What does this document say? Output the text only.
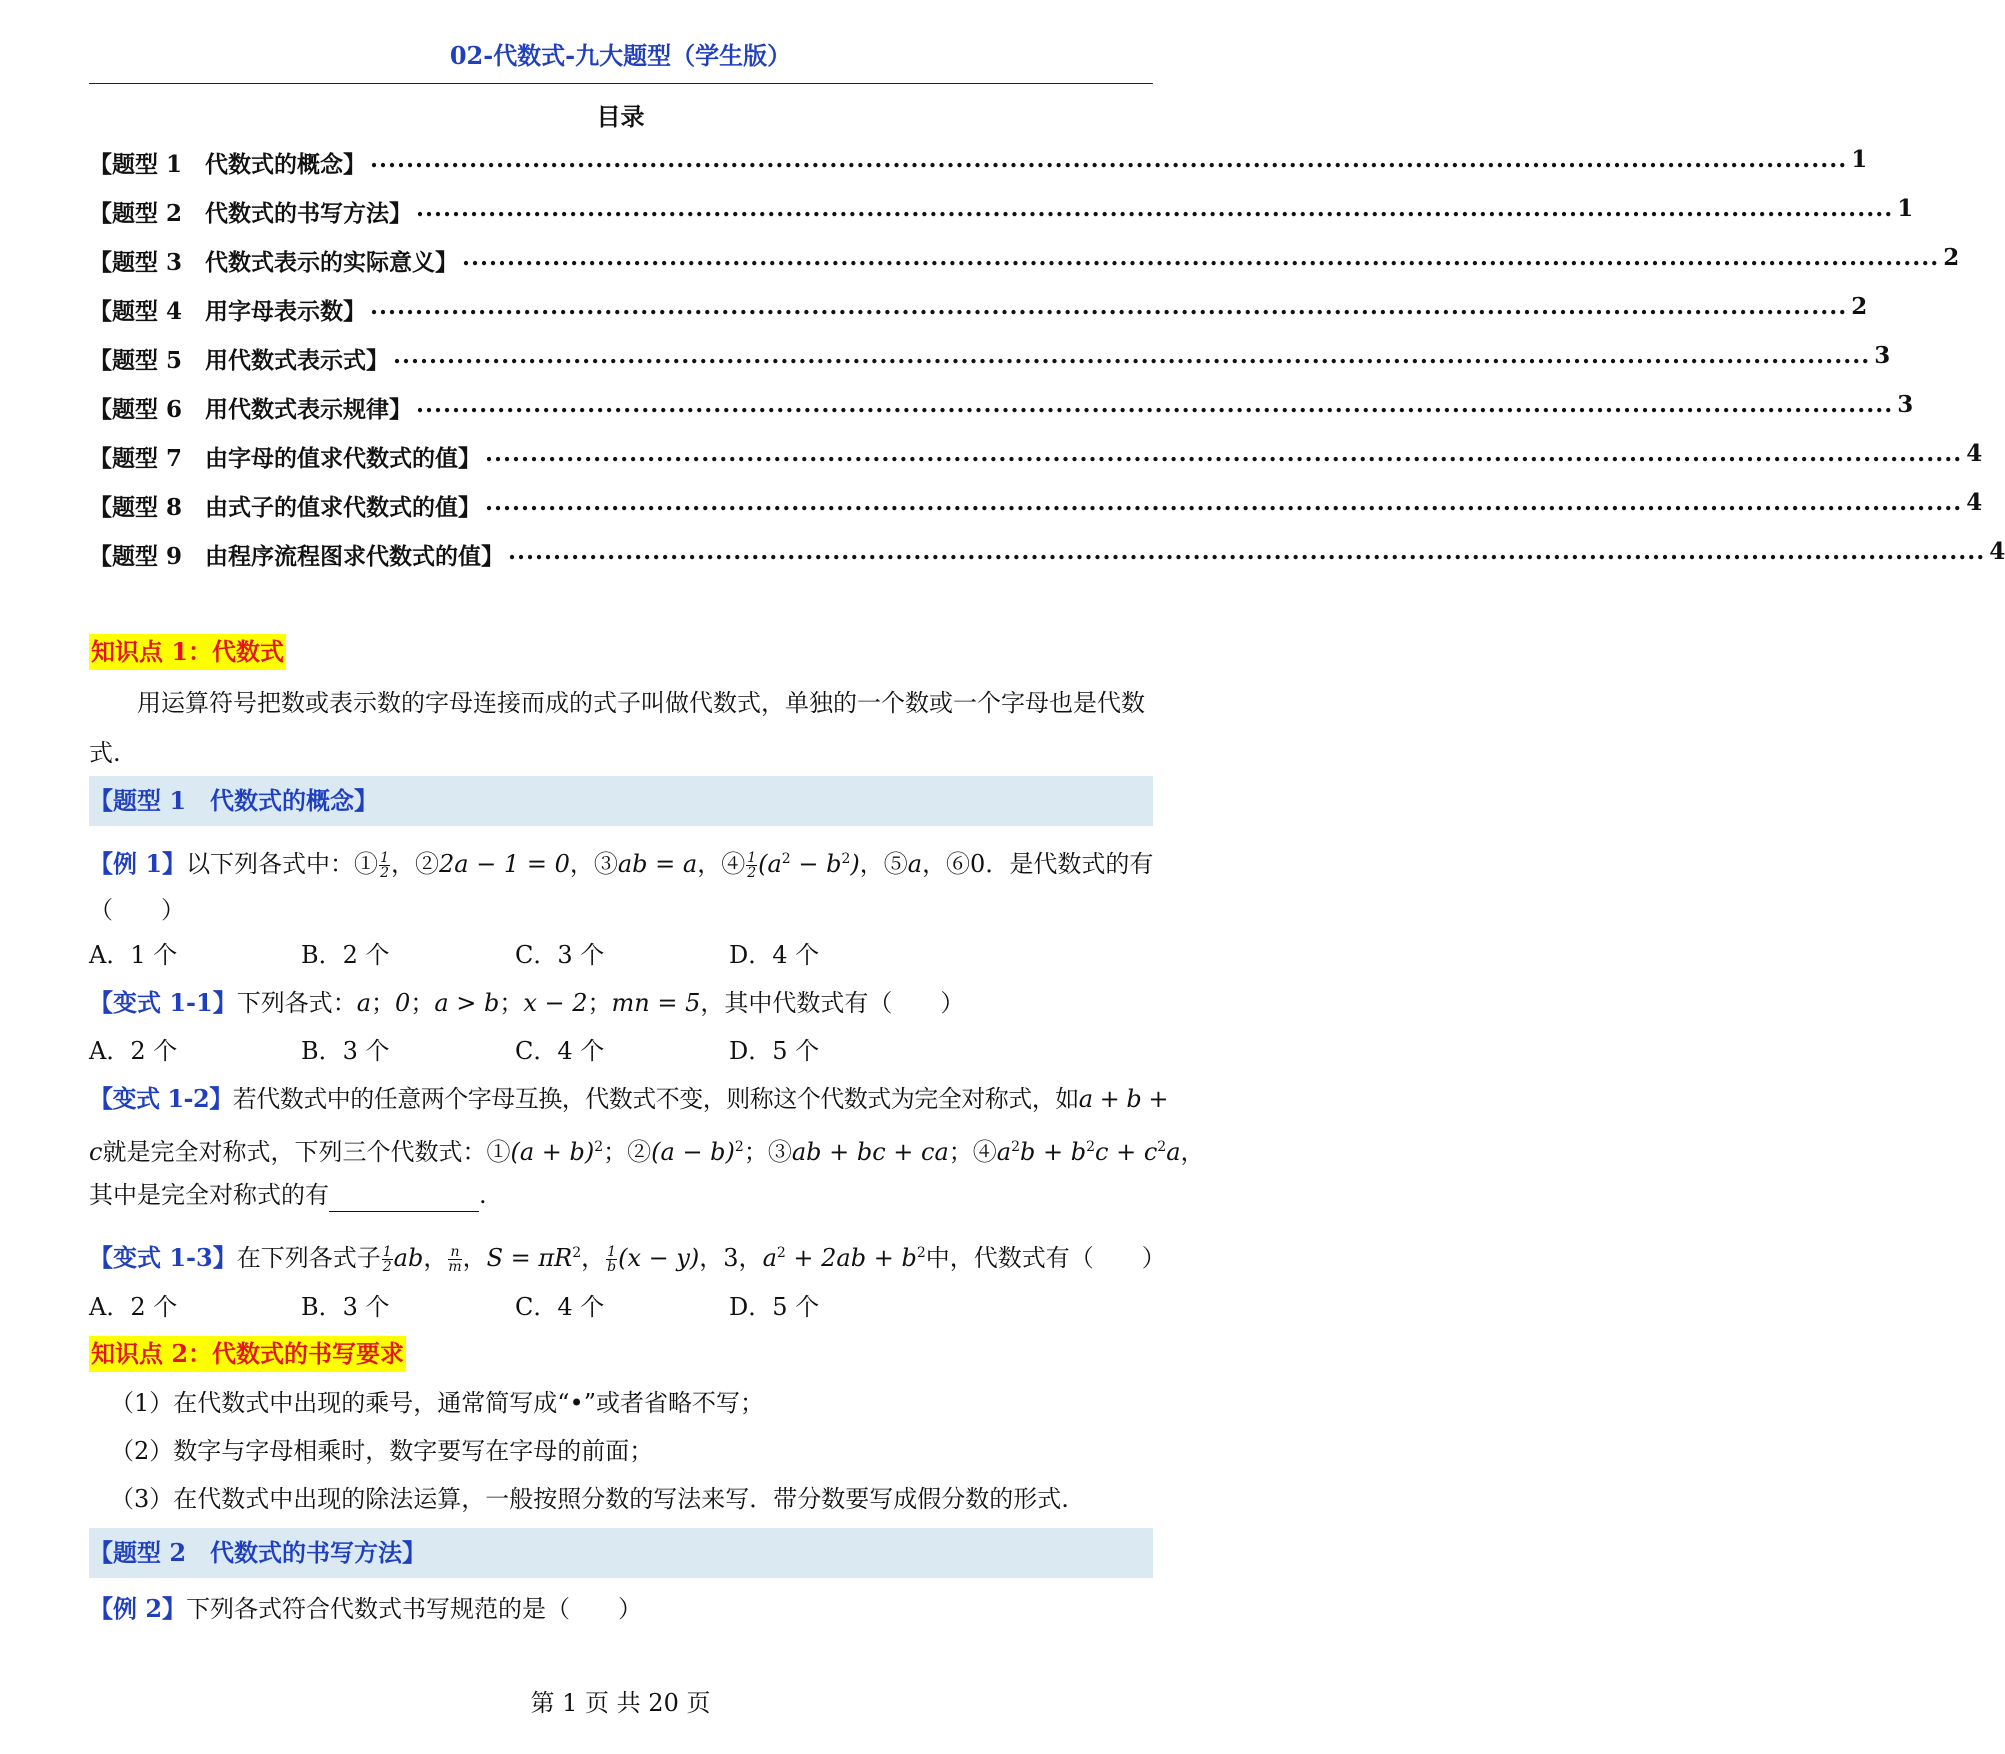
02-代数式-九大题型（学生版）
目录
【题型 1　代数式的概念】 .................................................................................................................................................................... 1
【题型 2　代数式的书写方法】 .................................................................................................................................................................... 1
【题型 3　代数式表示的实际意义】 .................................................................................................................................................................... 2
【题型 4　用字母表示数】 .................................................................................................................................................................... 2
【题型 5　用代数式表示式】 .................................................................................................................................................................... 3
【题型 6　用代数式表示规律】 .................................................................................................................................................................... 3
【题型 7　由字母的值求代数式的值】 .................................................................................................................................................................... 4
【题型 8　由式子的值求代数式的值】 .................................................................................................................................................................... 4
【题型 9　由程序流程图求代数式的值】 .................................................................................................................................................................... 4
知识点 1：代数式
用运算符号把数或表示数的字母连接而成的式子叫做代数式，单独的一个数或一个字母也是代数式.
【题型 1　代数式的概念】
【例 1】以下列各式中：① $\frac{1}{2}$ ，②2a − 1 = 0，③ab = a，④ $\frac{1}{2} (a^2 - b^2)$，⑤a，⑥0．是代数式的有
（　　）
A．1 个	B．2 个	C．3 个	D．4 个
【变式 1-1】下列各式：a；0；a > b；x − 2；mn = 5，其中代数式有（　　）
A．2 个	B．3 个	C．4 个	D．5 个
【变式 1-2】若代数式中的任意两个字母互换，代数式不变，则称这个代数式为完全对称式，如a + b +
c就是完全对称式，下列三个代数式：①(a + b)$^2$；②(a − b)$^2$；③ab + bc + ca；$④a^2b + b^2c + c^2a$，
其中是完全对称式的有	.
【变式 1-3】在下列各式子 $\frac{1}{2}$ ab， $\frac{n}{m}$ ，$S = \pi R^2$， $\frac{1}{b} (x - y)$，3，$a^2 + 2ab + b^2$中，代数式有（　　）
A．2 个	B．3 个	C．4 个	D．5 个
知识点 2：代数式的书写要求
（1）在代数式中出现的乘号，通常简写成“•”或者省略不写；
（2）数字与字母相乘时，数字要写在字母的前面；
（3）在代数式中出现的除法运算，一般按照分数的写法来写．带分数要写成假分数的形式.
【题型 2　代数式的书写方法】
【例 2】下列各式符合代数式书写规范的是（　　）
第 1 页 共 20 页
